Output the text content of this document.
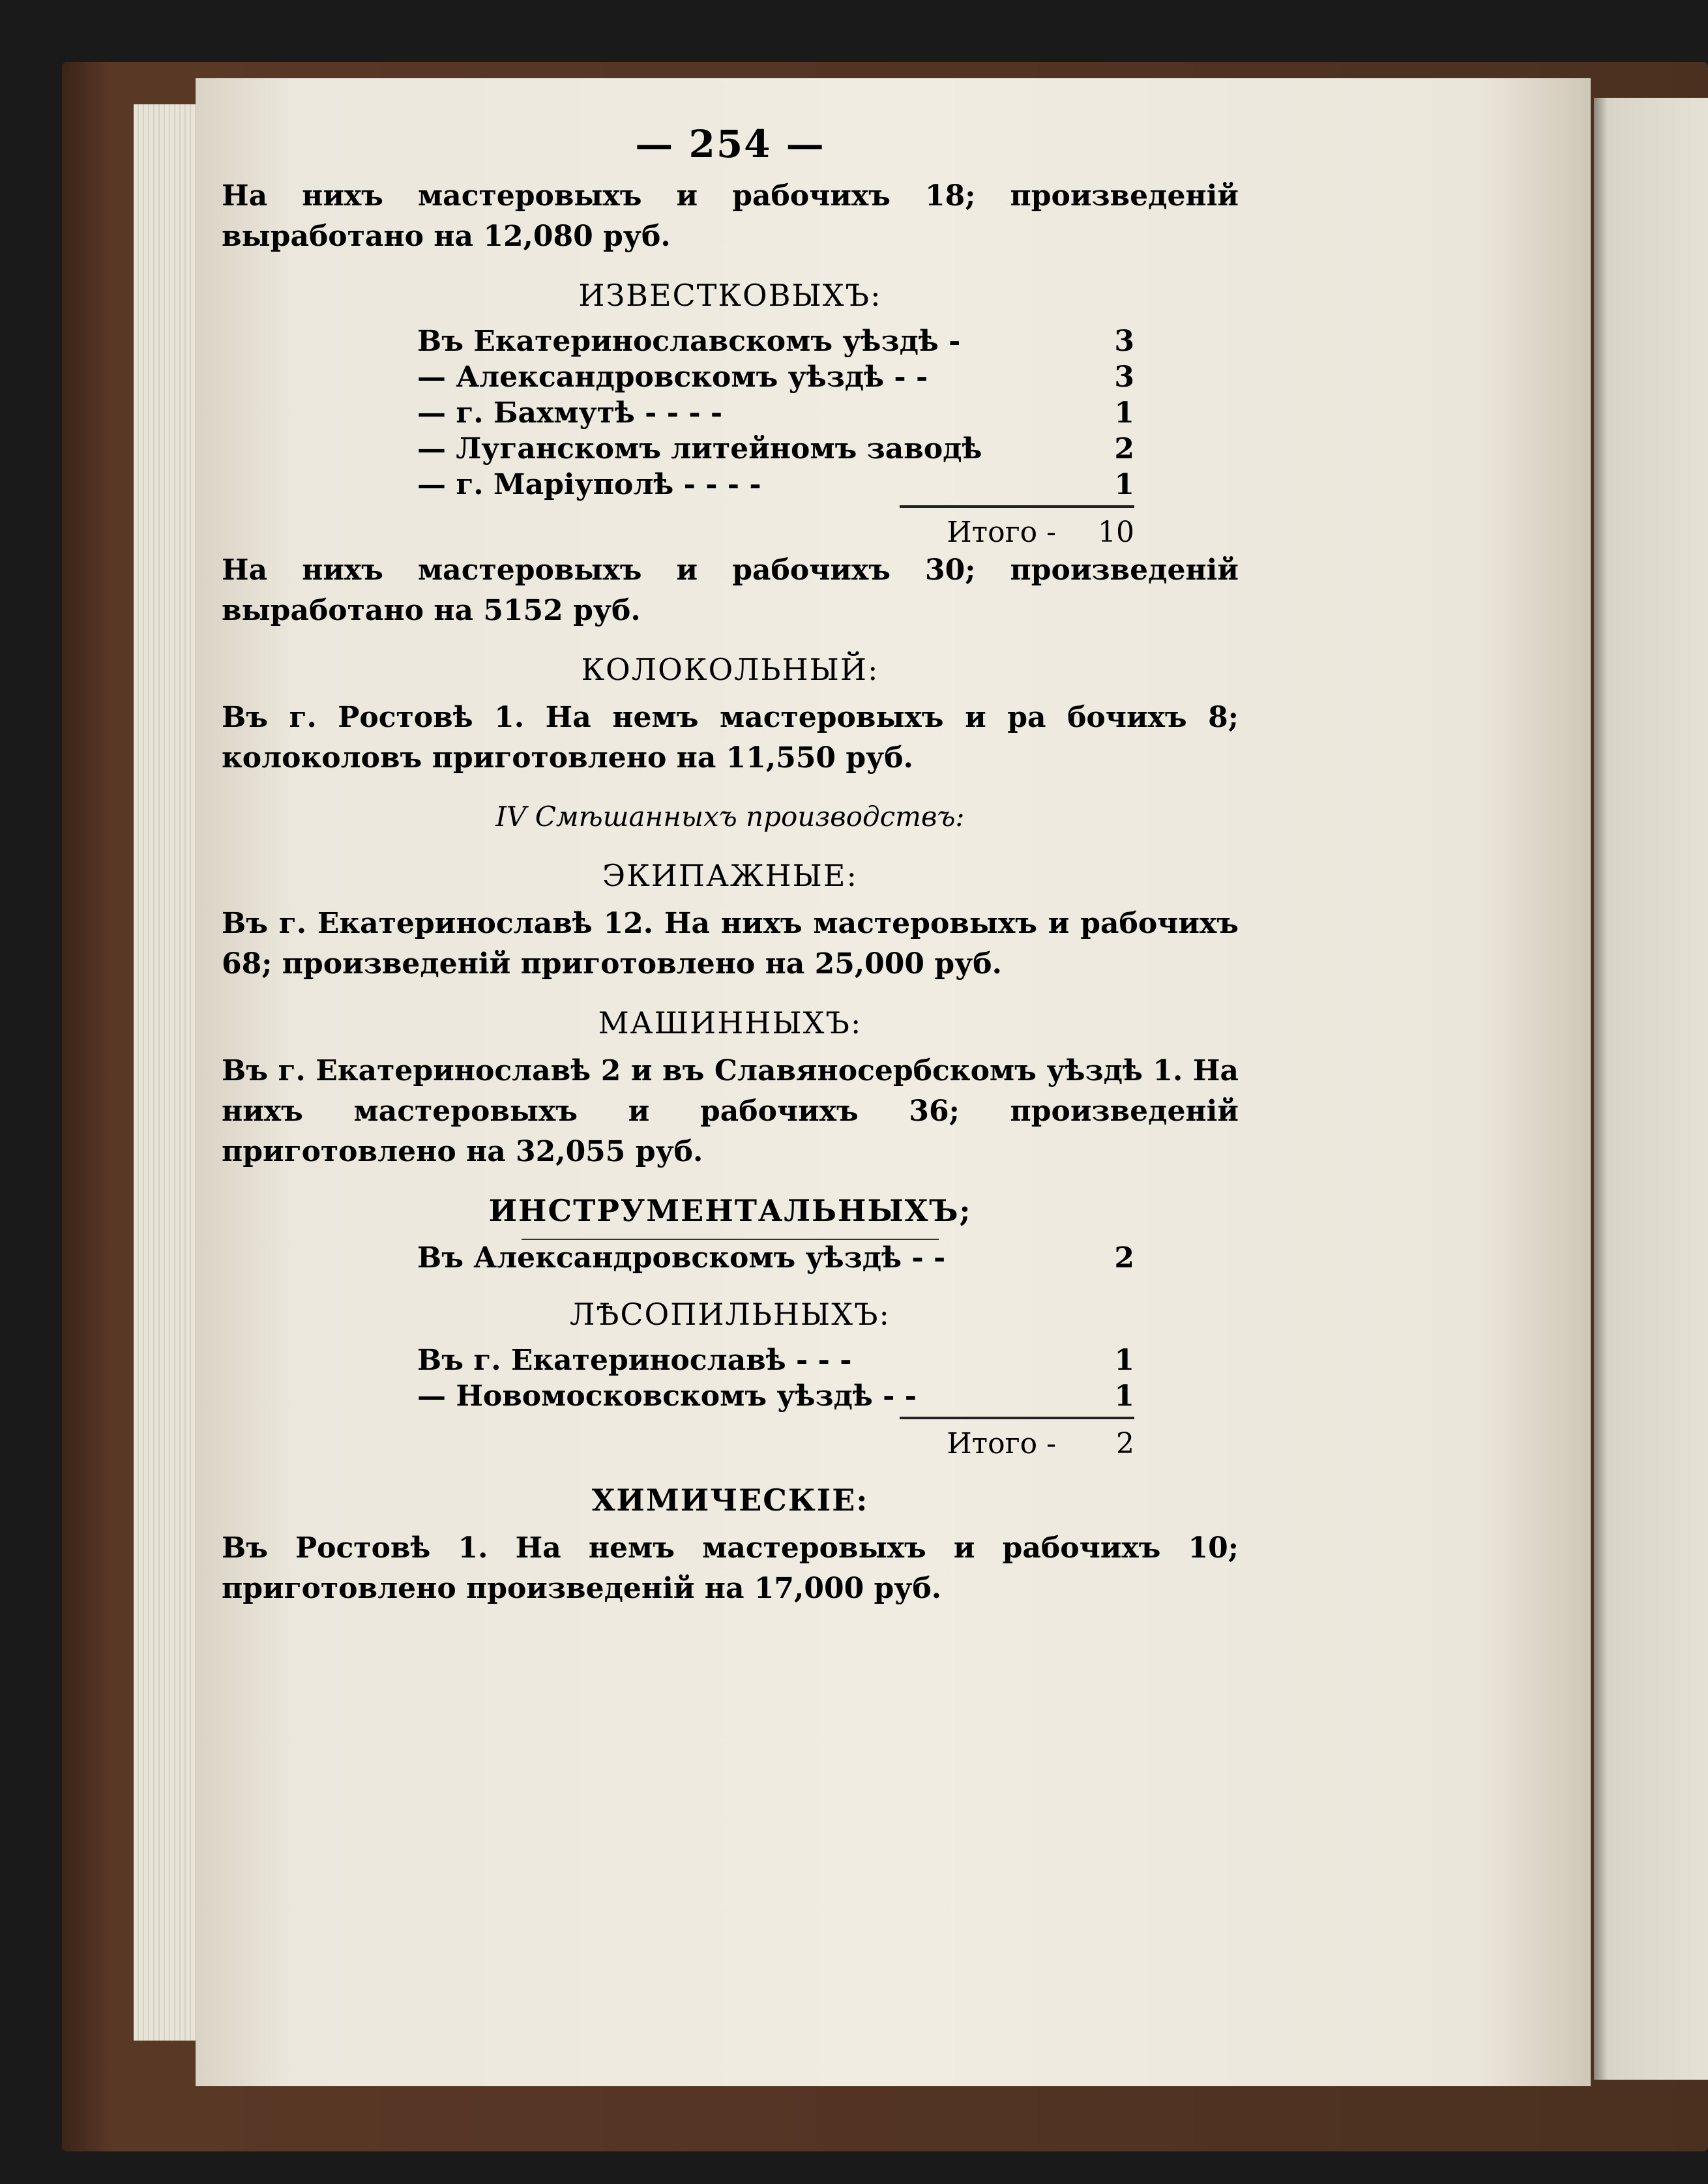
— 254 —

На нихъ мастеровыхъ и рабочихъ 18; произведеній выработано на 12,080 руб.

ИЗВЕСТКОВЫХЪ:
Въ Екатеринославскомъ уѣздѣ -	3
— Александровскомъ уѣздѣ - -	3
— г. Бахмутѣ - - - -	1
— Луганскомъ литейномъ заводѣ	2
— г. Маріуполѣ - - - -	1
Итого - 10

На нихъ мастеровыхъ и рабочихъ 30; произведеній выработано на 5152 руб.

КОЛОКОЛЬНЫЙ:

Въ г. Ростовѣ 1. На немъ мастеровыхъ и ра бочихъ 8; колоколовъ приготовлено на 11,550 руб.

IV Смѣшанныхъ производствъ:
ЭКИПАЖНЫЕ:

Въ г. Екатеринославѣ 12. На нихъ мастеровыхъ и рабочихъ 68; произведеній приготовлено на 25,000 руб.

МАШИННЫХЪ:

Въ г. Екатеринославѣ 2 и въ Славяносербскомъ уѣздѣ 1. На нихъ мастеровыхъ и рабочихъ 36; произведеній приготовлено на 32,055 руб.

ИНСТРУМЕНТАЛЬНЫХЪ;
Въ Александровскомъ уѣздѣ - -	2
ЛѢСОПИЛЬНЫХЪ:
Въ г. Екатеринославѣ - - -	1
— Новомосковскомъ уѣздѣ - -	1
Итого -	2
ХИМИЧЕСКІЕ:

Въ Ростовѣ 1. На немъ мастеровыхъ и рабочихъ 10; приготовлено произведеній на 17,000 руб.
